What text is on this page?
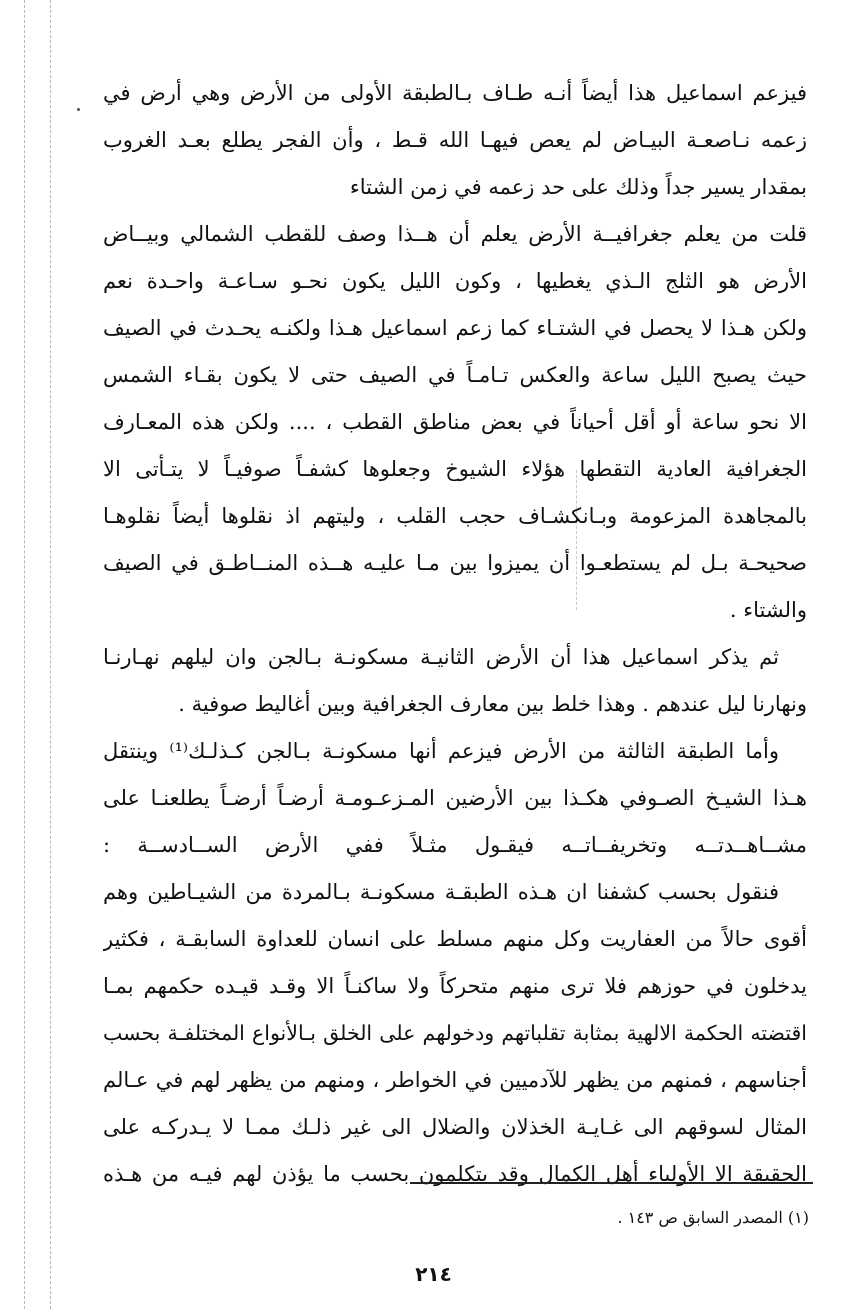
فيزعم اسماعيل هذا أيضاً أنـه طـاف بـالطبقة الأولى من الأرض وهي أرض في
زعمه نـاصعـة البيـاض لم يعص فيهـا الله قـط ، وأن الفجر يطلع بعـد الغروب
بمقدار يسير جداً وذلك على حد زعمه في زمن الشتاء
قلت من يعلم جغرافيــة الأرض يعلم أن هــذا وصف للقطب الشمالي وبيــاض
الأرض هو الثلج الـذي يغطيها ، وكون الليل يكون نحـو سـاعـة واحـدة نعم
ولكن هـذا لا يحصل في الشتـاء كما زعم اسماعيل هـذا ولكنـه يحـدث في الصيف
حيث يصبح الليل ساعة والعكس تـامـاً في الصيف حتى لا يكون بقـاء الشمس
الا نحو ساعة أو أقل أحياناً في بعض مناطق القطب ، .... ولكن هذه المعـارف
الجغرافية العادية التقطها هؤلاء الشيوخ وجعلوها كشفـاً صوفيـاً لا يتـأتى الا
بالمجاهدة المزعومة وبـانكشـاف حجب القلب ، وليتهم اذ نقلوها أيضاً نقلوهـا
صحيحـة بـل لم يستطعـوا أن يميزوا بين مـا عليـه هــذه المنــاطـق في الصيف
والشتاء .
ثم يذكر اسماعيل هذا أن الأرض الثانيـة مسكونـة بـالجن وان ليلهم نهـارنـا
ونهارنا ليل عندهم . وهذا خلط بين معارف الجغرافية وبين أغاليط صوفية .
وأما الطبقة الثالثة من الأرض فيزعم أنها مسكونـة بـالجن كـذلـك⁽¹⁾ وينتقل
هـذا الشيـخ الصـوفي هكـذا بين الأرضين المـزعـومـة أرضـاً أرضـاً يطلعنـا على
مشــاهــدتــه وتخريفــاتــه فيقـول مثـلاً ففي الأرض الســادســة :
فنقول بحسب كشفنا ان هـذه الطبقـة مسكونـة بـالمردة من الشيـاطين وهم
أقوى حالاً من العفاريت وكل منهم مسلط على انسان للعداوة السابقـة ، فكثير
يدخلون في حوزهم فلا ترى منهم متحركاً ولا ساكنـاً الا وقـد قيـده حكمهم بمـا
اقتضته الحكمة الالهية بمثابة تقلباتهم ودخولهم على الخلق بـالأنواع المختلفـة بحسب
أجناسهم ، فمنهم من يظهر للآدميين في الخواطر ، ومنهم من يظهر لهم في عـالم
المثال لسوقهم الى غـايـة الخذلان والضلال الى غير ذلـك ممـا لا يـدركـه على
الحقيقة الا الأولياء أهل الكمال وقد يتكلمون بحسب ما يؤذن لهم فيـه من هـذه
(١) المصدر السابق ص ١٤٣ .
٢١٤
